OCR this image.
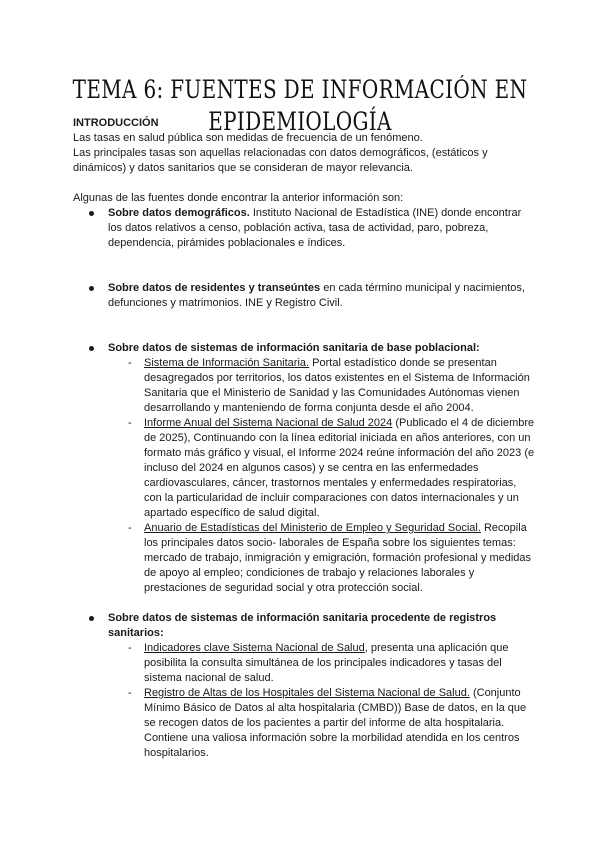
TEMA 6: FUENTES DE INFORMACIÓN EN EPIDEMIOLOGÍA

INTRODUCCIÓN

Las tasas en salud pública son medidas de frecuencia de un fenómeno.

Las principales tasas son aquellas relacionadas con datos demográficos, (estáticos y dinámicos) y datos sanitarios que se consideran de mayor relevancia.

Algunas de las fuentes donde encontrar la anterior información son:

Sobre datos demográficos. Instituto Nacional de Estadística (INE) donde encontrar los datos relativos a censo, población activa, tasa de actividad, paro, pobreza, dependencia, pirámides poblacionales e índices.
Sobre datos de residentes y transeúntes en cada término municipal y nacimientos, defunciones y matrimonios. INE y Registro Civil.
Sobre datos de sistemas de información sanitaria de base poblacional:
- Sistema de Información Sanitaria. Portal estadístico donde se presentan desagregados por territorios, los datos existentes en el Sistema de Información Sanitaria que el Ministerio de Sanidad y las Comunidades Autónomas vienen desarrollando y manteniendo de forma conjunta desde el año 2004.
- Informe Anual del Sistema Nacional de Salud 2024 (Publicado el 4 de diciembre de 2025), Continuando con la línea editorial iniciada en años anteriores, con un formato más gráfico y visual, el Informe 2024 reúne información del año 2023 (e incluso del 2024 en algunos casos) y se centra en las enfermedades cardiovasculares, cáncer, trastornos mentales y enfermedades respiratorias, con la particularidad de incluir comparaciones con datos internacionales y un apartado específico de salud digital.
- Anuario de Estadísticas del Ministerio de Empleo y Seguridad Social. Recopila los principales datos socio- laborales de España sobre los siguientes temas: mercado de trabajo, inmigración y emigración, formación profesional y medidas de apoyo al empleo; condiciones de trabajo y relaciones laborales y prestaciones de seguridad social y otra protección social.
Sobre datos de sistemas de información sanitaria procedente de registros sanitarios:
- Indicadores clave Sistema Nacional de Salud, presenta una aplicación que posibilita la consulta simultánea de los principales indicadores y tasas del sistema nacional de salud.
- Registro de Altas de los Hospitales del Sistema Nacional de Salud. (Conjunto Mínimo Básico de Datos al alta hospitalaria (CMBD)) Base de datos, en la que se recogen datos de los pacientes a partir del informe de alta hospitalaria. Contiene una valiosa información sobre la morbilidad atendida en los centros hospitalarios.
